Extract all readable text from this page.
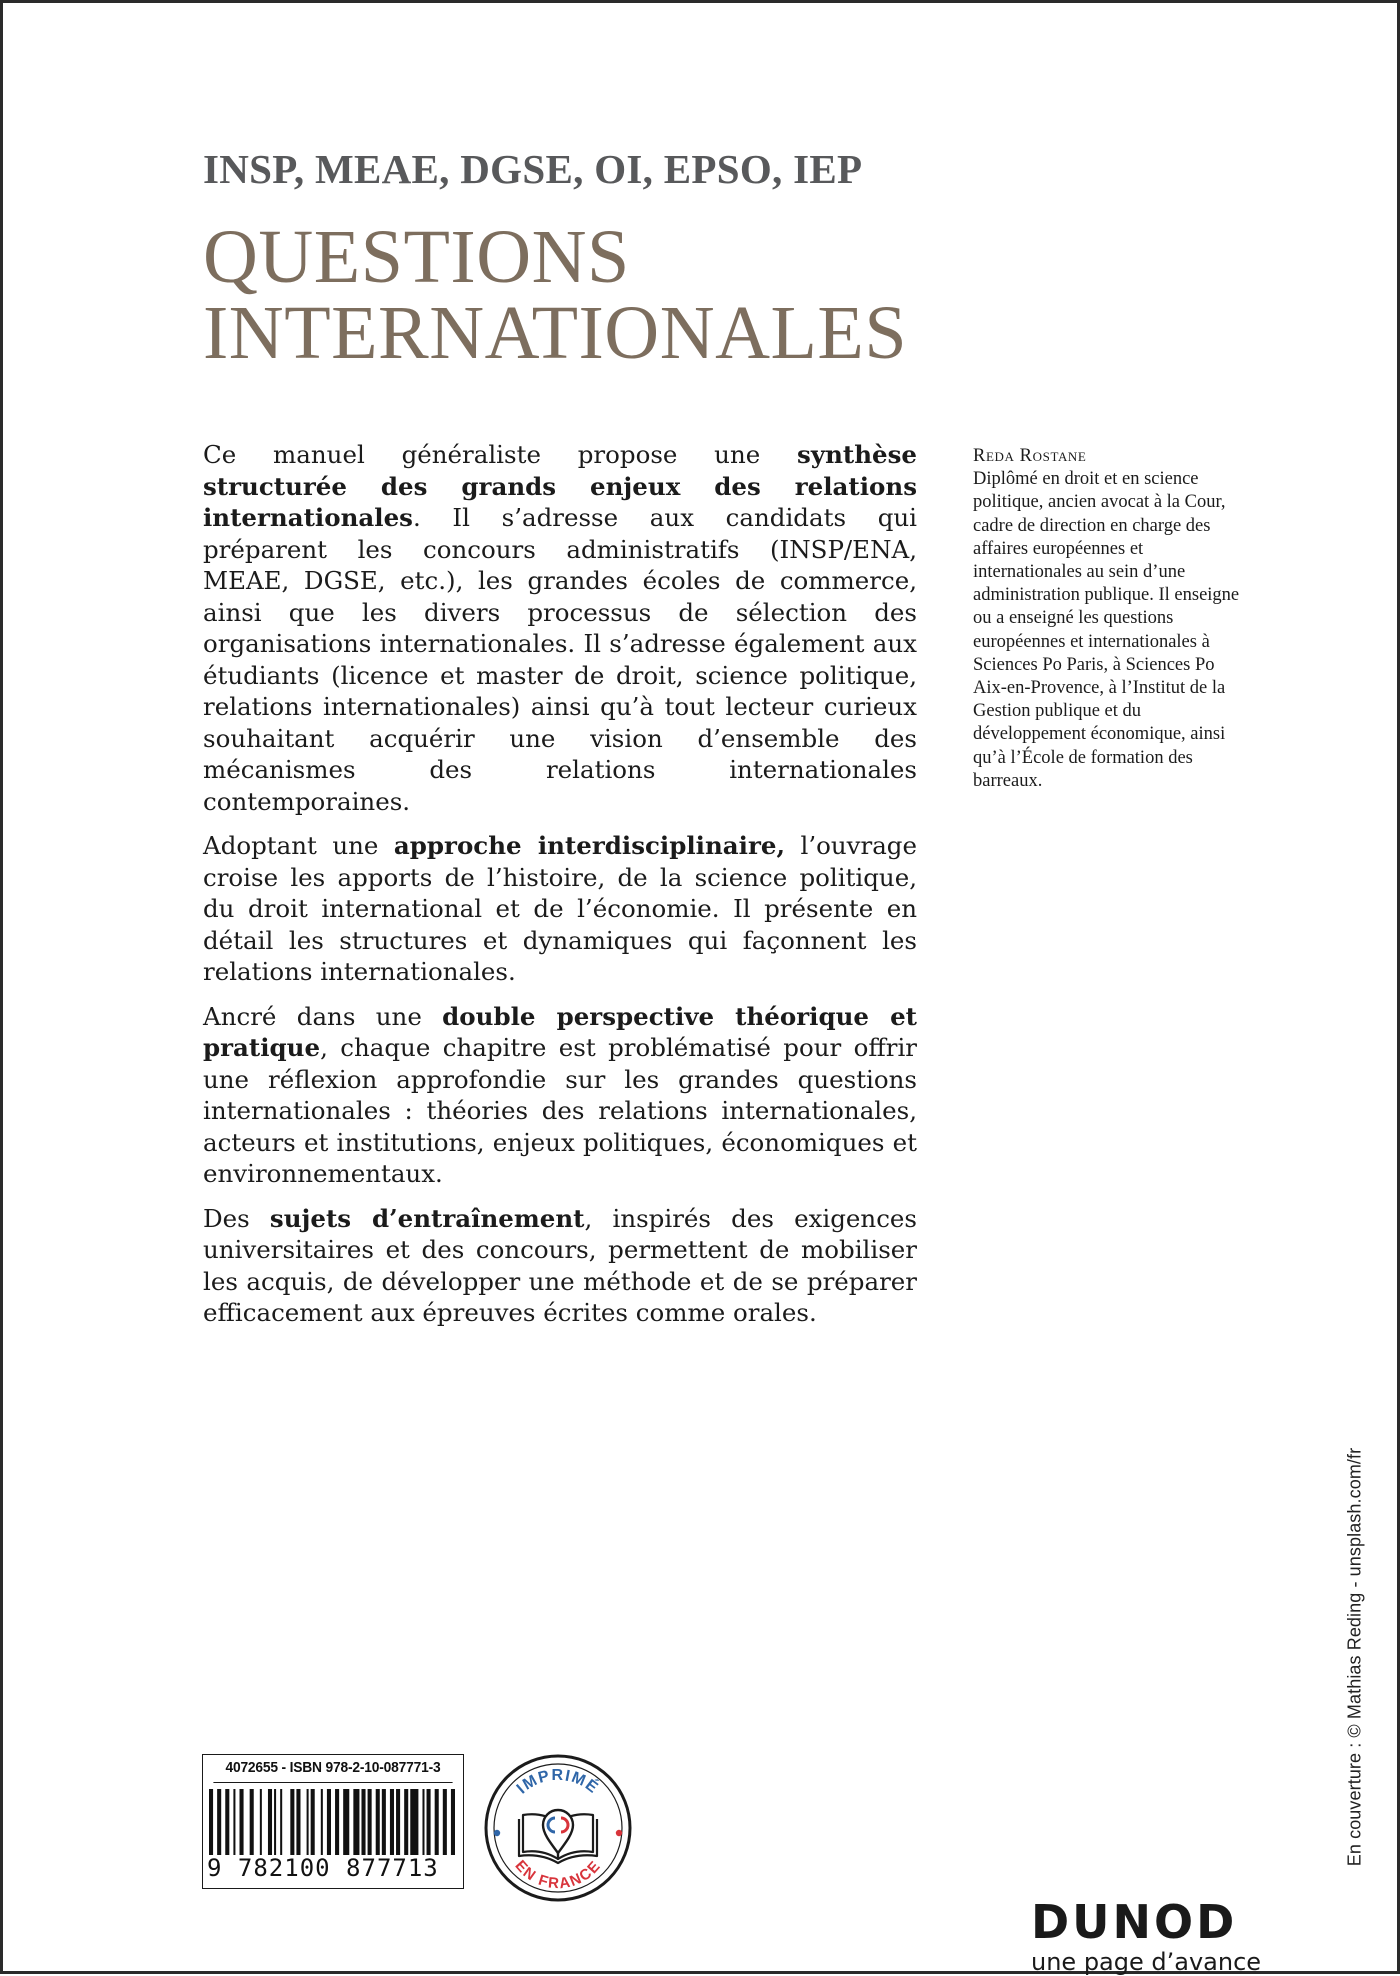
INSP, MEAE, DGSE, OI, EPSO, IEP
QUESTIONS
INTERNATIONALES

Ce manuel généraliste propose une synthèse structurée des grands enjeux des relations internationales. Il s’adresse aux candidats qui préparent les concours administratifs (INSP/ENA, MEAE, DGSE, etc.), les grandes écoles de commerce, ainsi que les divers processus de sélection des organisations internationales. Il s’adresse également aux étudiants (licence et master de droit, science politique, relations internationales) ainsi qu’à tout lecteur curieux souhaitant acquérir une vision d’ensemble des mécanismes des relations internationales contemporaines.

Adoptant une approche interdisciplinaire, l’ouvrage croise les apports de l’histoire, de la science politique, du droit international et de l’économie. Il présente en détail les structures et dynamiques qui façonnent les relations internationales.

Ancré dans une double perspective théorique et pratique, chaque chapitre est problématisé pour offrir une réflexion approfondie sur les grandes questions internationales : théories des relations internationales, acteurs et institutions, enjeux politiques, économiques et environnementaux.

Des sujets d’entraînement, inspirés des exigences universitaires et des concours, permettent de mobiliser les acquis, de développer une méthode et de se préparer efficacement aux épreuves écrites comme orales.

Reda Rostane
Diplômé en droit et en science politique, ancien avocat à la Cour, cadre de direction en charge des affaires européennes et internationales au sein d’une administration publique. Il enseigne ou a enseigné les questions européennes et internationales à Sciences Po Paris, à Sciences Po Aix-en-Provence, à l’Institut de la Gestion publique et du développement économique, ainsi qu’à l’École de formation des barreaux.
En couverture : © Mathias Reding - unsplash.com/fr
4072655 - ISBN 978-2-10-087771-3
9 782100 877713
IMPRIMÉ
EN FRANCE
DUNOD
une page d’avance
